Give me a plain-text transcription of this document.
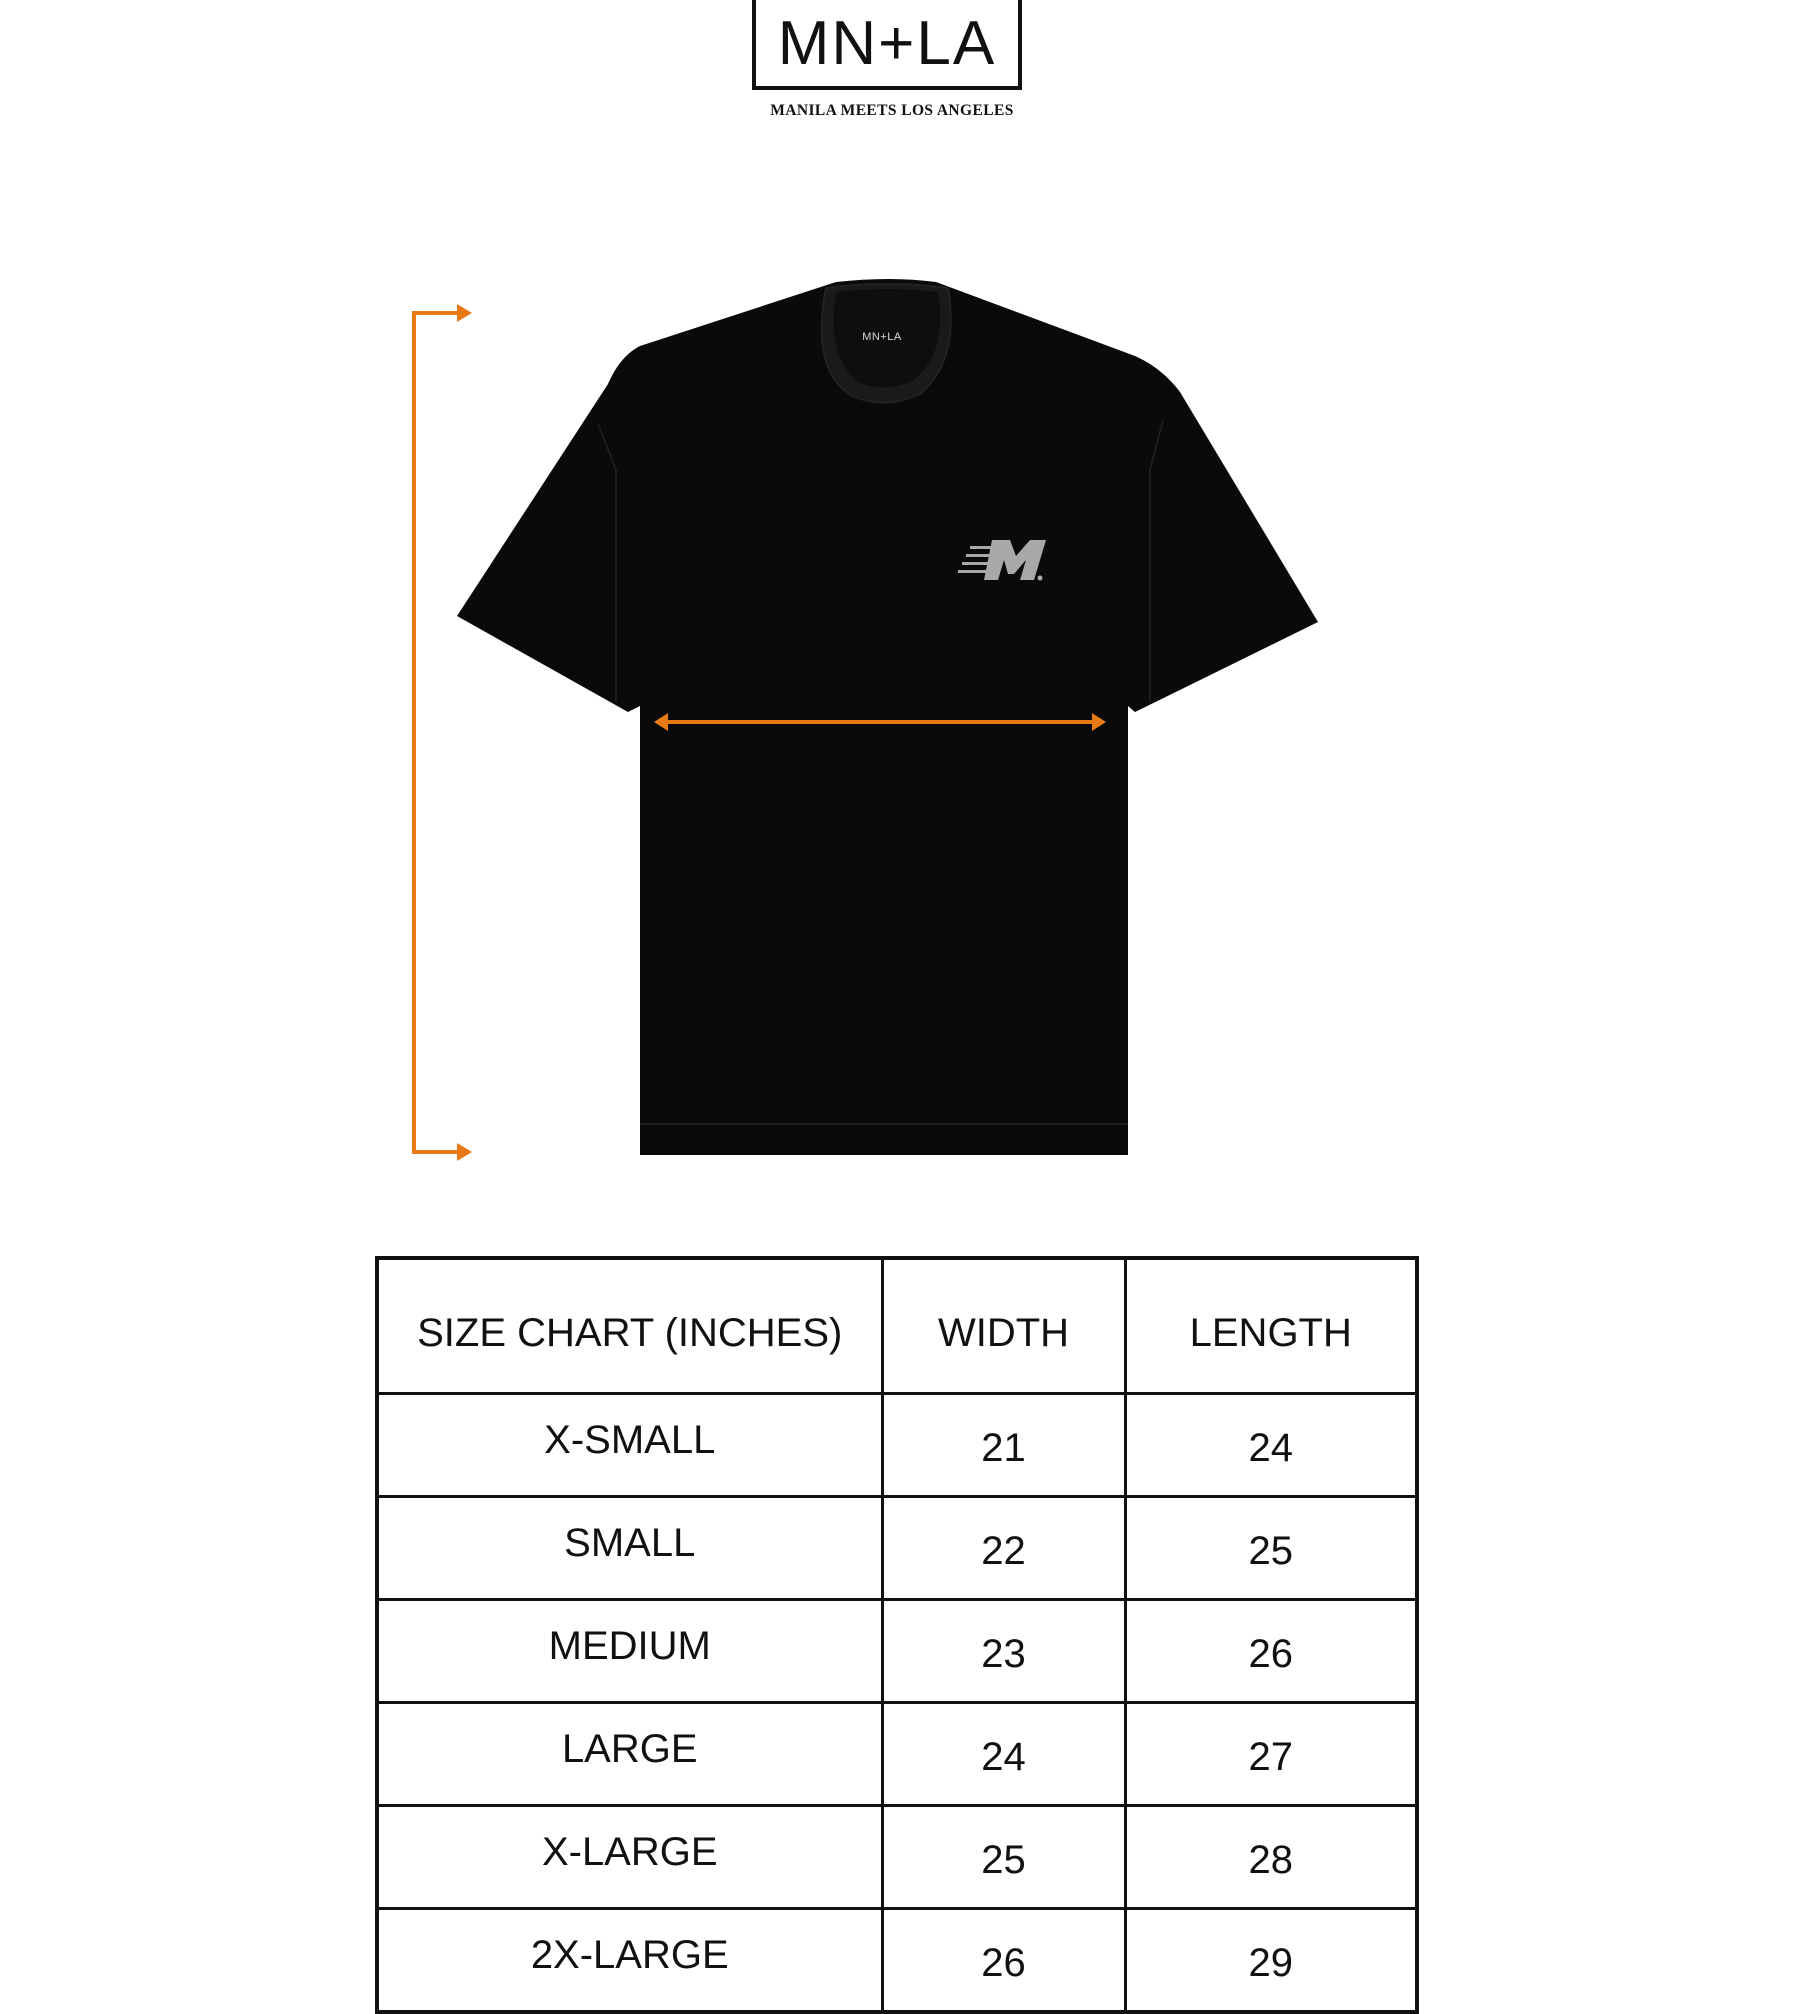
MN+LA
MANILA MEETS LOS ANGELES
MN+LA
SIZE CHART (INCHES)	WIDTH	LENGTH
X-SMALL	21	24
SMALL	22	25
MEDIUM	23	26
LARGE	24	27
X-LARGE	25	28
2X-LARGE	26	29
